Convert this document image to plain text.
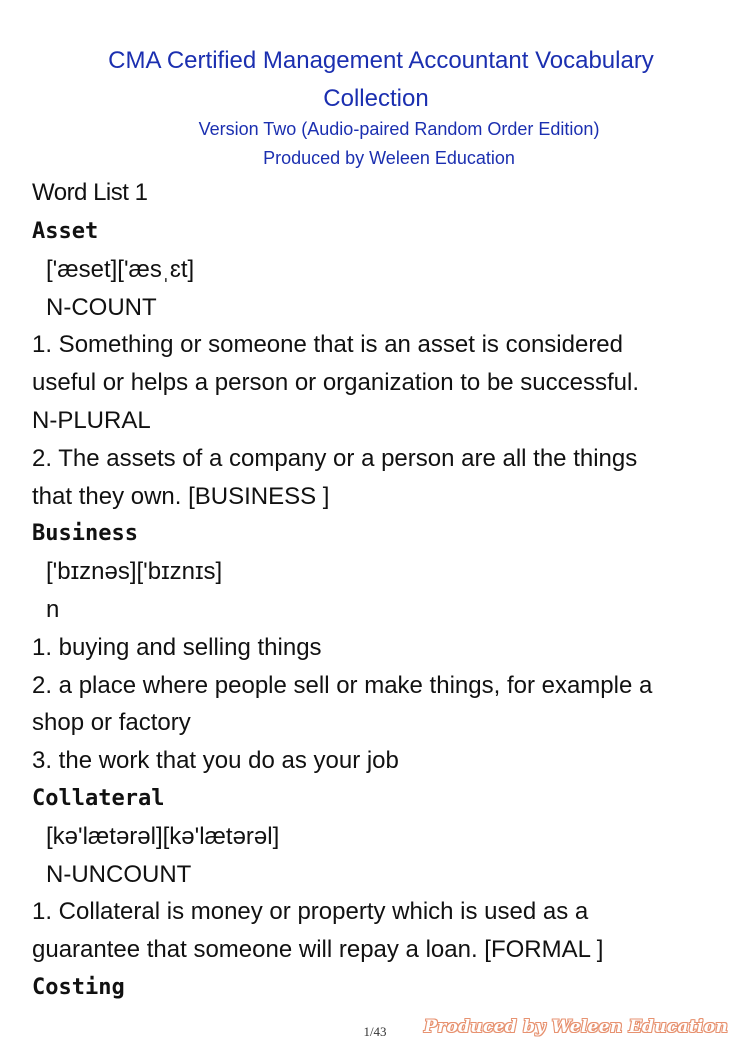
CMA Certified Management Accountant Vocabulary
Collection
Version Two (Audio-paired Random Order Edition)
Produced by Weleen Education
Word List 1
Asset
['æset]['æsˌɛt]
N-COUNT
1. Something or someone that is an asset is considered
useful or helps a person or organization to be successful.
N-PLURAL
2. The assets of a company or a person are all the things
that they own. [BUSINESS ]
Business
['bɪznəs]['bɪznɪs]
n
1. buying and selling things
2. a place where people sell or make things, for example a
shop or factory
3. the work that you do as your job
Collateral
[kə'lætərəl][kə'lætərəl]
N-UNCOUNT
1. Collateral is money or property which is used as a
guarantee that someone will repay a loan. [FORMAL ]
Costing
1/43	Produced by Weleen Education
